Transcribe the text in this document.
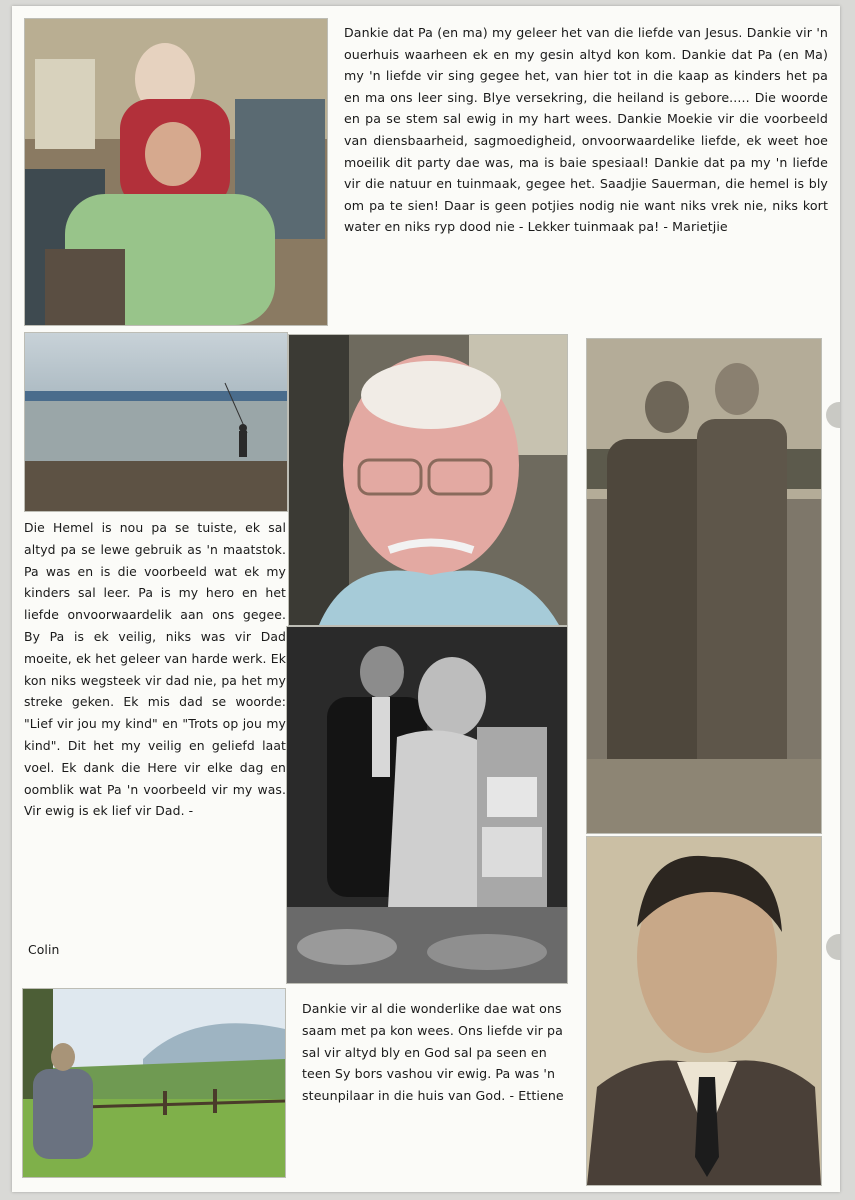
Dankie dat Pa (en ma) my geleer het van die liefde van Jesus. Dankie vir 'n ouerhuis waarheen ek en my gesin altyd kon kom. Dankie dat Pa (en Ma) my 'n liefde vir sing gegee het, van hier tot in die kaap as kinders het pa en ma ons leer sing. Blye versekring, die heiland is gebore..... Die woorde en pa se stem sal ewig in my hart wees. Dankie Moekie vir die voorbeeld van diensbaarheid, sagmoedigheid, onvoorwaardelike liefde, ek weet hoe moeilik dit party dae was, ma is baie spesiaal! Dankie dat pa my 'n liefde vir die natuur en tuinmaak, gegee het. Saadjie Sauerman, die hemel is bly om pa te sien! Daar is geen potjies nodig nie want niks vrek nie, niks kort water en niks ryp dood nie - Lekker tuinmaak pa! - Marietjie
Die Hemel is nou pa se tuiste, ek sal altyd pa se lewe gebruik as 'n maatstok. Pa was en is die voorbeeld wat ek my kinders sal leer. Pa is my hero en het liefde onvoorwaardelik aan ons gegee. By Pa is ek veilig, niks was vir Dad moeite, ek het geleer van harde werk. Ek kon niks wegsteek vir dad nie, pa het my streke geken. Ek mis dad se woorde: "Lief vir jou my kind" en "Trots op jou my kind". Dit het my veilig en geliefd laat voel. Ek dank die Here vir elke dag en oomblik wat Pa 'n voorbeeld vir my was. Vir ewig is ek lief vir Dad. -
Colin
Dankie vir al die wonderlike dae wat ons saam met pa kon wees. Ons liefde vir pa sal vir altyd bly en God sal pa seen en teen Sy bors vashou vir ewig. Pa was 'n steunpilaar in die huis van God. - Ettiene
